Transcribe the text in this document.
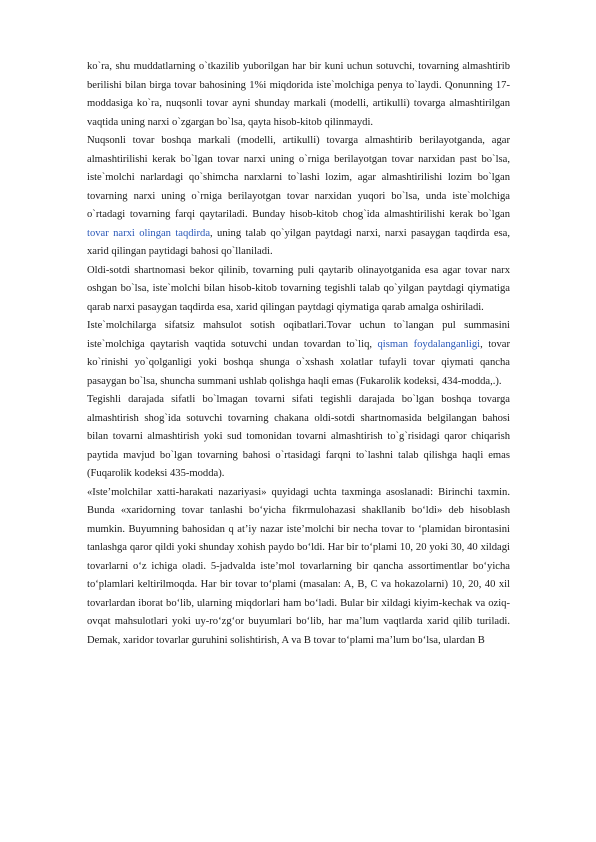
​

ko`ra, shu muddatlarning o`tkazilib yuborilgan har bir kuni uchun sotuvchi, tovarning almashtirib berilishi bilan birga tovar bahosining 1%i miqdorida iste`molchiga penya to`laydi. Qonunning 17-moddasiga ko`ra, nuqsonli tovar ayni shunday markali (modelli, artikulli) tovarga almashtirilgan vaqtida uning narxi o`zgargan bo`lsa, qayta hisob-kitob qilinmaydi.

Nuqsonli tovar boshqa markali (modelli, artikulli) tovarga almashtirib berilayotganda, agar almashtirilishi kerak bo`lgan tovar narxi uning o`rniga berilayotgan tovar narxidan past bo`lsa, iste`molchi narlardagi qo`shimcha narxlarni to`lashi lozim, agar almashtirilishi lozim bo`lgan tovarning narxi uning o`rniga berilayotgan tovar narxidan yuqori bo`lsa, unda iste`molchiga o`rtadagi tovarning farqi qaytariladi. Bunday hisob-kitob chog`ida almashtirilishi kerak bo`lgan tovar narxi olingan taqdirda, uning talab qo`yilgan paytdagi narxi, narxi pasaygan taqdirda esa, xarid qilingan paytidagi bahosi qo`llaniladi.

Oldi-sotdi shartnomasi bekor qilinib, tovarning puli qaytarib olinayotganida esa agar tovar narx oshgan bo`lsa, iste`molchi bilan hisob-kitob tovarning tegishli talab qo`yilgan paytdagi qiymatiga qarab narxi pasaygan taqdirda esa, xarid qilingan paytdagi qiymatiga qarab amalga oshiriladi.

Iste`molchilarga sifatsiz mahsulot sotish oqibatlari.Tovar uchun to`langan pul summasini iste`molchiga qaytarish vaqtida sotuvchi undan tovardan to`liq, qisman foydalanganligi, tovar ko`rinishi yo`qolganligi yoki boshqa shunga o`xshash xolatlar tufayli tovar qiymati qancha pasaygan bo`lsa, shuncha summani ushlab qolishga haqli emas (Fukarolik kodeksi, 434-modda,.).

Tegishli darajada sifatli bo`lmagan tovarni sifati tegishli darajada bo`lgan boshqa tovarga almashtirish shog`ida sotuvchi tovarning chakana oldi-sotdi shartnomasida belgilangan bahosi bilan tovarni almashtirish yoki sud tomonidan tovarni almashtirish to`g`risidagi qaror chiqarish paytida mavjud bo`lgan tovarning bahosi o`rtasidagi farqni to`lashni talab qilishga haqli emas (Fuqarolik kodeksi 435-modda).

«Iste’molchilar xatti-harakati nazariyasi» quyidagi uchta taxminga asoslanadi: Birinchi taxmin. Bunda «xaridorning tovar tanlashi bo‘yicha fikrmulohazasi shakllanib bo‘ldi» deb hisoblash mumkin. Buyumning bahosidan q at’iy nazar iste’molchi bir necha tovar to ‘plamidan birontasini tanlashga qaror qildi yoki shunday xohish paydo bo‘ldi. Har bir to‘plami 10, 20 yoki 30, 40 xildagi tovarlarni o‘z ichiga oladi. 5-jadvalda iste’mol tovarlarning bir qancha assortimentlar bo‘yicha to‘plamlari keltirilmoqda. Har bir tovar to‘plami (masalan: A, B, C va hokazolarni) 10, 20, 40 xil tovarlardan iborat bo‘lib, ularning miqdorlari ham bo‘ladi. Bular bir xildagi kiyim-kechak va oziq-ovqat mahsulotlari yoki uy-ro‘zg‘or buyumlari bo‘lib, har ma’lum vaqtlarda xarid qilib turiladi. Demak, xaridor tovarlar guruhini solishtirish, A va B tovar to‘plami ma’lum bo‘lsa, ulardan B
